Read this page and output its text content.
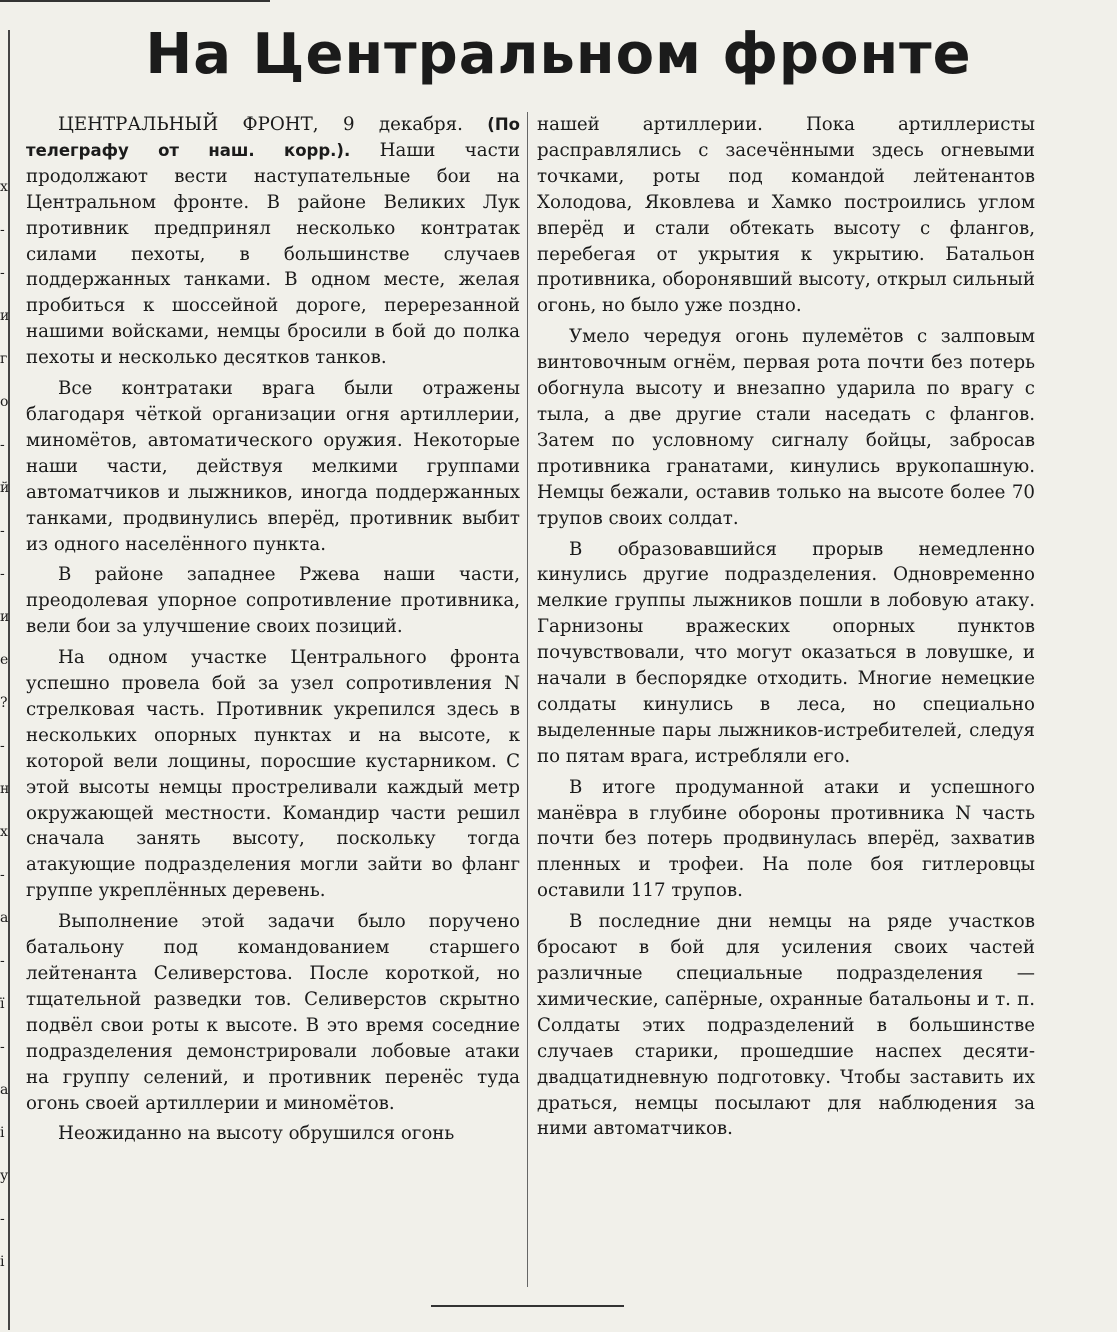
х
-
-
и
г
о
-
й
-
-
и
е
?
-
н
х
-
а
-
ї
-
а
і
у
-
і
На Центральном фронте

ЦЕНТРАЛЬНЫЙ ФРОНТ, 9 декабря. (По телеграфу от наш. корр.). Наши части продолжают вести наступательные бои на Центральном фронте. В районе Великих Лук противник предпринял несколько контратак силами пехоты, в большинстве случаев поддержанных танками. В одном месте, желая пробиться к шоссейной дороге, перерезанной нашими войсками, немцы бросили в бой до полка пехоты и несколько десятков танков.

Все контратаки врага были отражены благодаря чёткой организации огня артиллерии, миномётов, автоматического оружия. Некоторые наши части, действуя мелкими группами автоматчиков и лыжников, иногда поддержанных танками, продвинулись вперёд, противник выбит из одного населённого пункта.

В районе западнее Ржева наши части, преодолевая упорное сопротивление противника, вели бои за улучшение своих позиций.

На одном участке Центрального фронта успешно провела бой за узел сопротивления N стрелковая часть. Противник укрепился здесь в нескольких опорных пунктах и на высоте, к которой вели лощины, поросшие кустарником. С этой высоты немцы простреливали каждый метр окружающей местности. Командир части решил сначала занять высоту, поскольку тогда атакующие подразделения могли зайти во фланг группе укреплённых деревень.

Выполнение этой задачи было поручено батальону под командованием старшего лейтенанта Селиверстова. После короткой, но тщательной разведки тов. Селиверстов скрытно подвёл свои роты к высоте. В это время соседние подразделения демонстрировали лобовые атаки на группу селений, и противник перенёс туда огонь своей артиллерии и миномётов.

Неожиданно на высоту обрушился огонь

нашей артиллерии. Пока артиллеристы расправлялись с засечёнными здесь огневыми точками, роты под командой лейтенантов Холодова, Яковлева и Хамко построились углом вперёд и стали обтекать высоту с флангов, перебегая от укрытия к укрытию. Батальон противника, оборонявший высоту, открыл сильный огонь, но было уже поздно.

Умело чередуя огонь пулемётов с залповым винтовочным огнём, первая рота почти без потерь обогнула высоту и внезапно ударила по врагу с тыла, а две другие стали наседать с флангов. Затем по условному сигналу бойцы, забросав противника гранатами, кинулись врукопашную. Немцы бежали, оставив только на высоте более 70 трупов своих солдат.

В образовавшийся прорыв немедленно кинулись другие подразделения. Одновременно мелкие группы лыжников пошли в лобовую атаку. Гарнизоны вражеских опорных пунктов почувствовали, что могут оказаться в ловушке, и начали в беспорядке отходить. Многие немецкие солдаты кинулись в леса, но специально выделенные пары лыжников-истребителей, следуя по пятам врага, истребляли его.

В итоге продуманной атаки и успешного манёвра в глубине обороны противника N часть почти без потерь продвинулась вперёд, захватив пленных и трофеи. На поле боя гитлеровцы оставили 117 трупов.

В последние дни немцы на ряде участков бросают в бой для усиления своих частей различные специальные подразделения — химические, сапёрные, охранные батальоны и т. п. Солдаты этих подразделений в большинстве случаев старики, прошедшие наспех десяти-двадцатидневную подготовку. Чтобы заставить их драться, немцы посылают для наблюдения за ними автоматчиков.
